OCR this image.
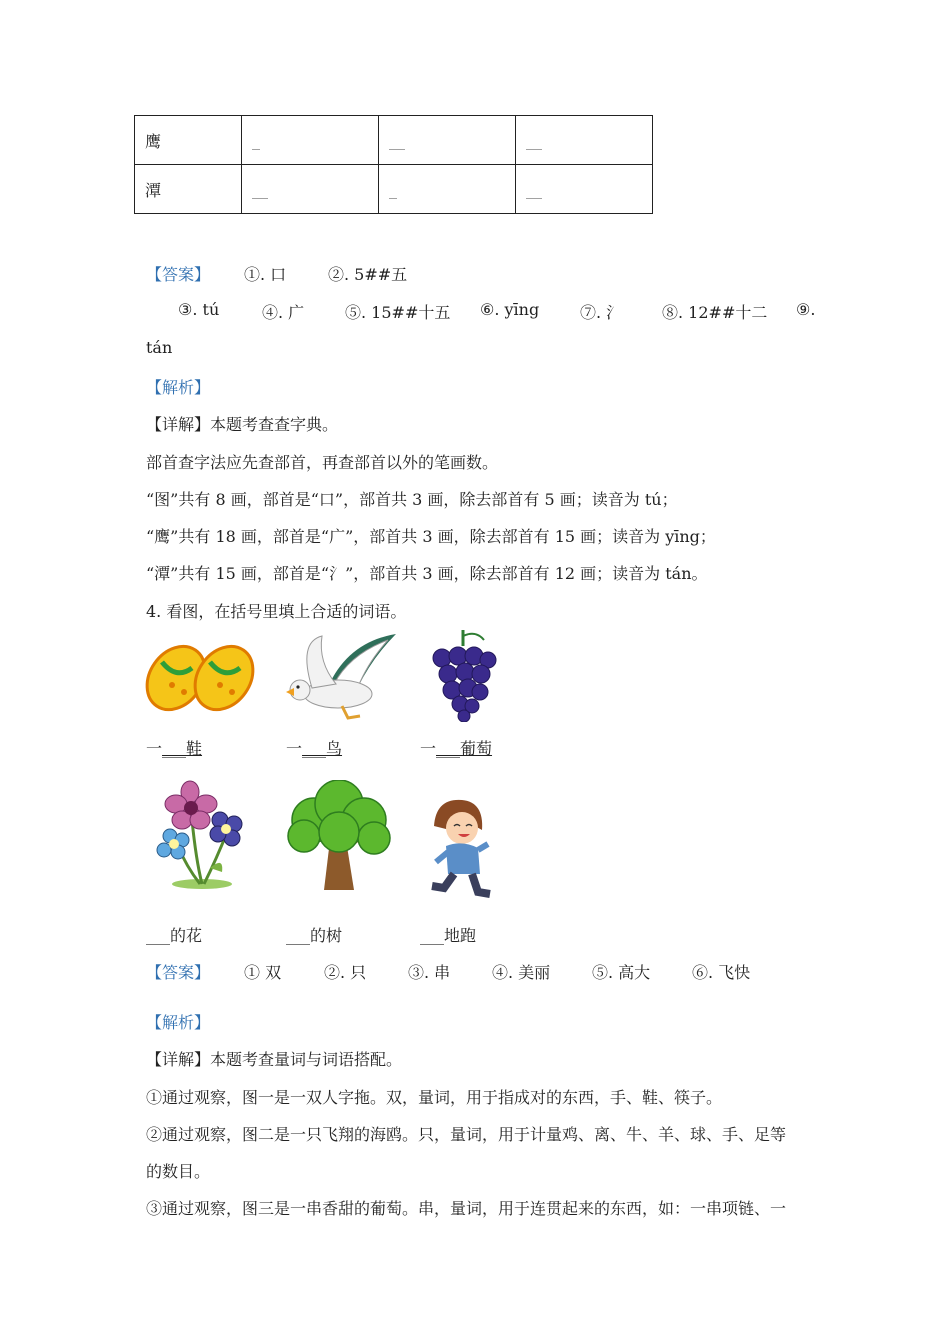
鹰	_	__	__
潭	__	_	__
【答案】 ①. 口	②. 5##五
③. tú	④. 广	⑤. 15##十五 ⑥. yīng	⑦. 氵 ⑧. 12##十二 ⑨.
tán
【解析】
【详解】本题考查查字典。
部首查字法应先查部首，再查部首以外的笔画数。
“图”共有 8 画，部首是“口”，部首共 3 画，除去部首有 5 画；读音为 tú；
“鹰”共有 18 画，部首是“广”，部首共 3 画，除去部首有 15 画；读音为 yīng；
“潭”共有 15 画，部首是“氵”，部首共 3 画，除去部首有 12 画；读音为 tán。
4. 看图，在括号里填上合适的词语。
一___鞋	一___鸟	一___葡萄
___的花	___的树	___地跑
【答案】 ① 双	②. 只	③. 串	④. 美丽	⑤. 高大	⑥. 飞快
【解析】
【详解】本题考查量词与词语搭配。
①通过观察，图一是一双人字拖。双，量词，用于指成对的东西，手、鞋、筷子。
②通过观察，图二是一只飞翔的海鸥。只，量词，用于计量鸡、离、牛、羊、球、手、足等
的数目。
③通过观察，图三是一串香甜的葡萄。串，量词，用于连贯起来的东西，如：一串项链、一
